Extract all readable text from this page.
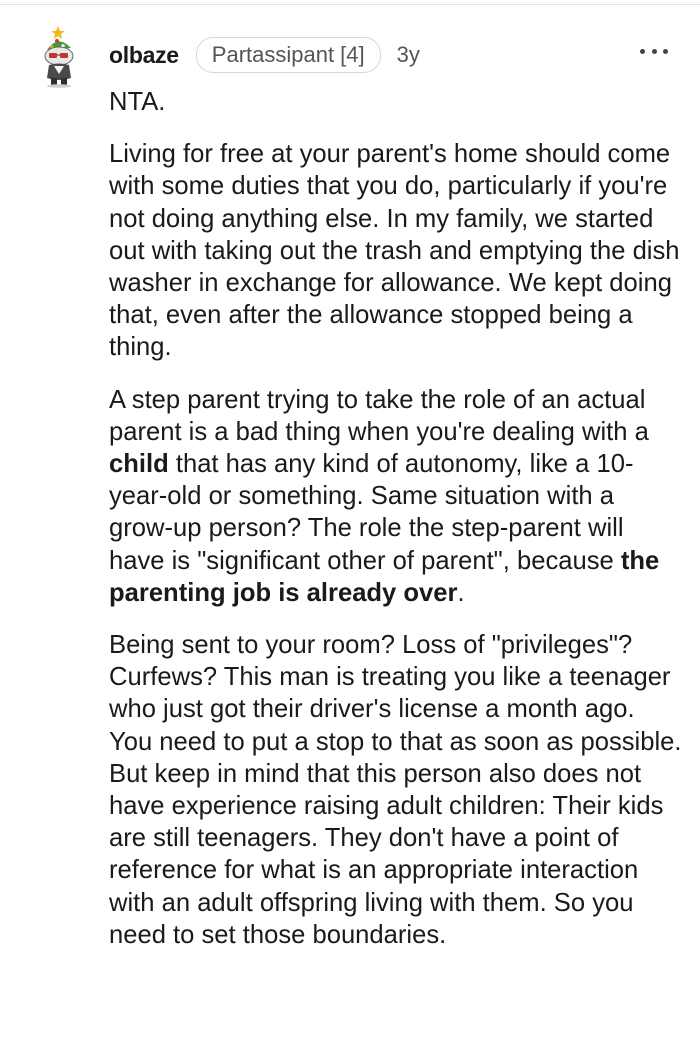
olbaze	Partassipant [4]	3y

NTA.

Living for free at your parent's home should come with some duties that you do, particularly if you're not doing anything else. In my family, we started out with taking out the trash and emptying the dish washer in exchange for allowance. We kept doing that, even after the allowance stopped being a thing.

A step parent trying to take the role of an actual parent is a bad thing when you're dealing with a child that has any kind of autonomy, like a 10-year-old or something. Same situation with a grow-up person? The role the step-parent will have is "significant other of parent", because the parenting job is already over.

Being sent to your room? Loss of "privileges"? Curfews? This man is treating you like a teenager who just got their driver's license a month ago. You need to put a stop to that as soon as possible. But keep in mind that this person also does not have experience raising adult children: Their kids are still teenagers. They don't have a point of reference for what is an appropriate interaction with an adult offspring living with them. So you need to set those boundaries.
